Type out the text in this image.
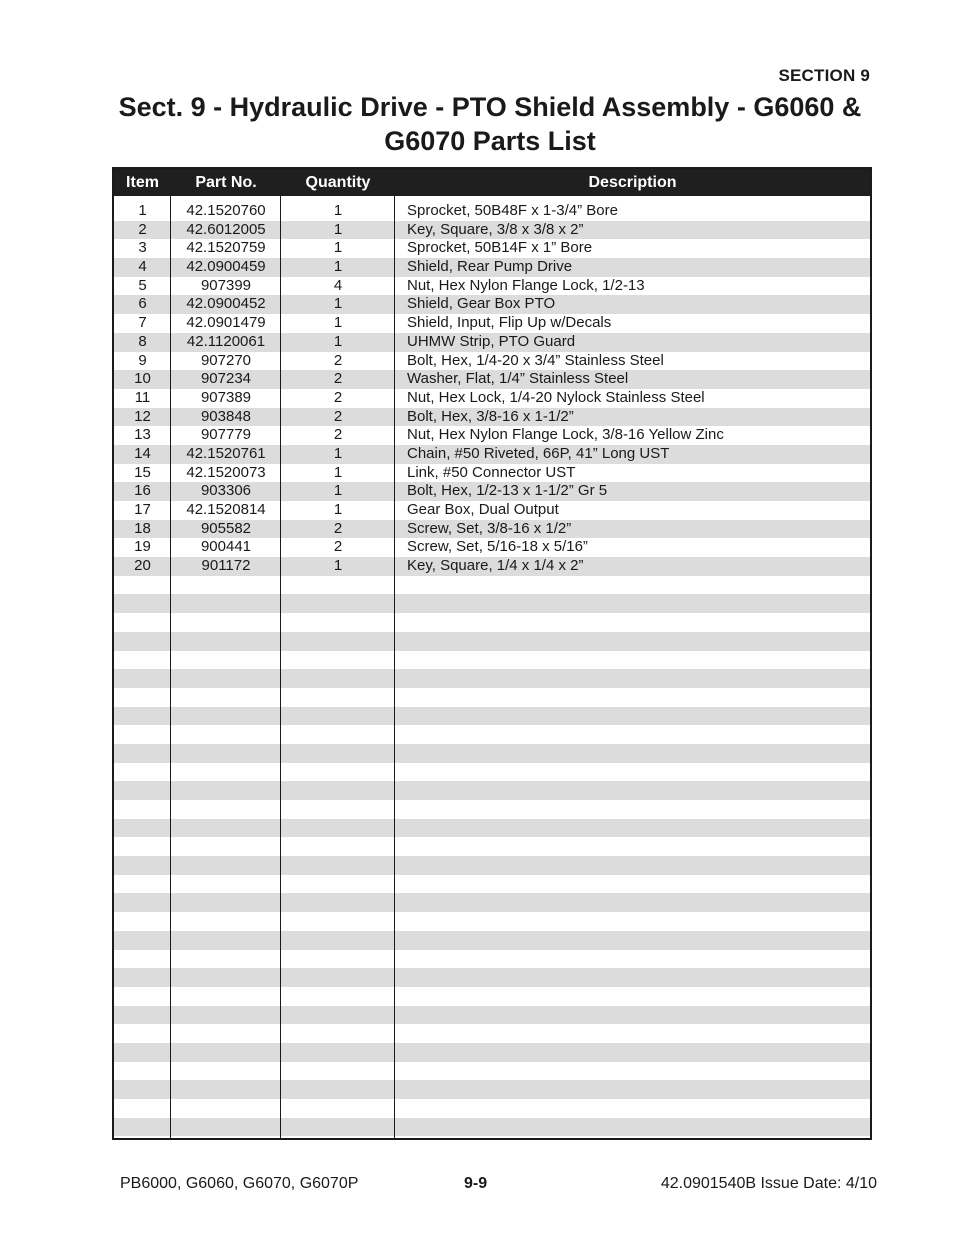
SECTION 9
Sect. 9 - Hydraulic Drive - PTO Shield Assembly - G6060 & G6070 Parts List
Item	Part No.	Quantity	Description
1	42.1520760	1	Sprocket, 50B48F x 1-3/4” Bore
2	42.6012005	1	Key, Square, 3/8 x 3/8 x 2”
3	42.1520759	1	Sprocket, 50B14F x 1” Bore
4	42.0900459	1	Shield, Rear Pump Drive
5	907399	4	Nut, Hex Nylon Flange Lock, 1/2-13
6	42.0900452	1	Shield, Gear Box PTO
7	42.0901479	1	Shield, Input, Flip Up w/Decals
8	42.1120061	1	UHMW Strip, PTO Guard
9	907270	2	Bolt, Hex, 1/4-20 x 3/4” Stainless Steel
10	907234	2	Washer, Flat, 1/4” Stainless Steel
11	907389	2	Nut, Hex Lock, 1/4-20 Nylock Stainless Steel
12	903848	2	Bolt, Hex, 3/8-16 x 1-1/2”
13	907779	2	Nut, Hex Nylon Flange Lock, 3/8-16 Yellow Zinc
14	42.1520761	1	Chain, #50 Riveted, 66P, 41” Long UST
15	42.1520073	1	Link, #50 Connector UST
16	903306	1	Bolt, Hex, 1/2-13 x 1-1/2” Gr 5
17	42.1520814	1	Gear Box, Dual Output
18	905582	2	Screw, Set, 3/8-16 x 1/2”
19	900441	2	Screw, Set, 5/16-18 x 5/16”
20	901172	1	Key, Square, 1/4 x 1/4 x 2”
PB6000, G6060, G6070, G6070P	9-9	42.0901540B Issue Date: 4/10
